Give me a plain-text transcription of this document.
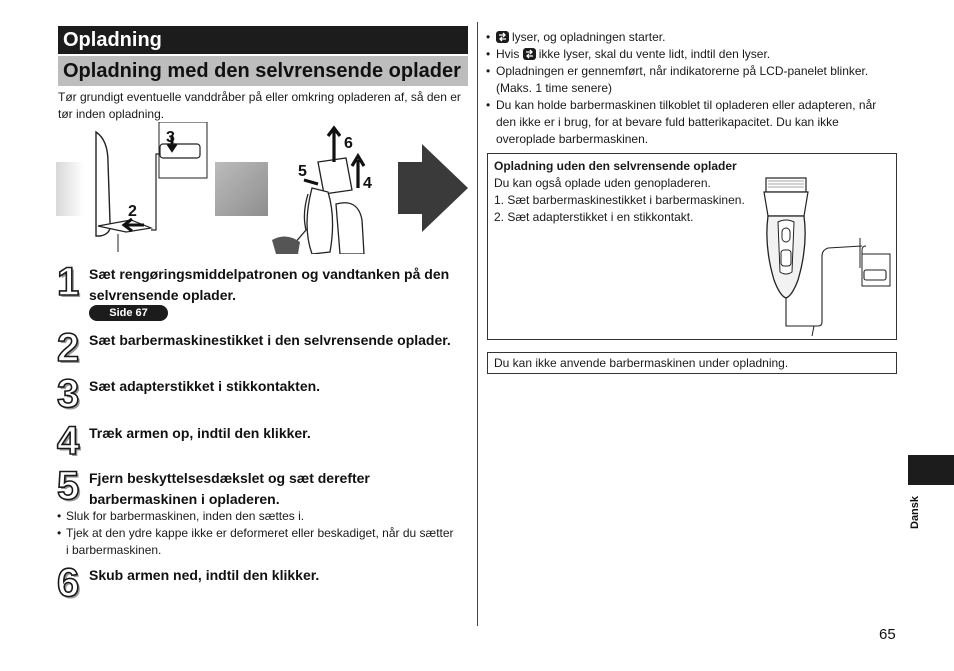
Opladning
Opladning med den selvrensende oplader
Tør grundigt eventuelle vanddråber på eller omkring opladeren af, så den er tør inden opladning.
2
3	6
5
4
1 Sæt rengøringsmiddelpatronen og vandtanken på den selvrensende oplader.
Side 67
2 Sæt barbermaskinestikket i den selvrensende oplader.
3 Sæt adapterstikket i stikkontakten.
4 Træk armen op, indtil den klikker.
5 Fjern beskyttelsesdækslet og sæt derefter barbermaskinen i opladeren.
• Sluk for barbermaskinen, inden den sættes i.
• Tjek at den ydre kappe ikke er deformeret eller beskadiget, når du sætter i barbermaskinen.
6 Skub armen ned, indtil den klikker.
• lyser, og opladningen starter.
• Hvis ikke lyser, skal du vente lidt, indtil den lyser.
• Opladningen er gennemført, når indikatorerne på LCD-panelet blinker. (Maks. 1 time senere)
• Du kan holde barbermaskinen tilkoblet til opladeren eller adapteren, når den ikke er i brug, for at bevare fuld batterikapacitet. Du kan ikke overoplade barbermaskinen.
Opladning uden den selvrensende oplader
Du kan også oplade uden genopladeren.
1. Sæt barbermaskinestikket i barbermaskinen.
2. Sæt adapterstikket i en stikkontakt.
Du kan ikke anvende barbermaskinen under opladning.
Dansk
65
